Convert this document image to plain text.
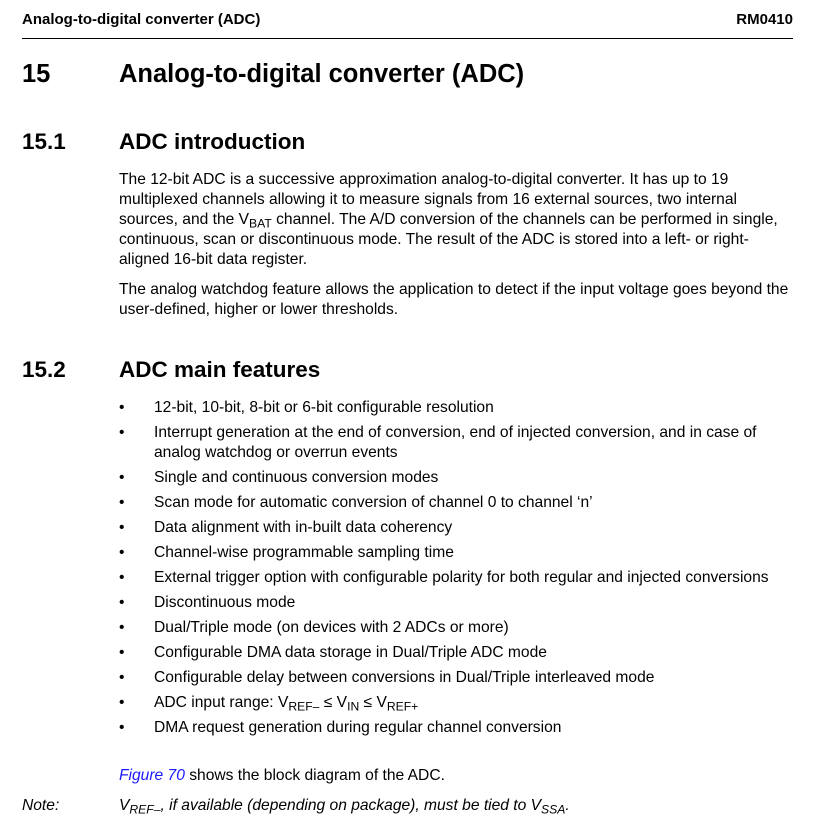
Analog-to-digital converter (ADC)	RM0410
15	Analog-to-digital converter (ADC)
15.1 ADC introduction

The 12-bit ADC is a successive approximation analog-to-digital converter. It has up to 19 multiplexed channels allowing it to measure signals from 16 external sources, two internal sources, and the $V_{BAT}$ channel. The A/D conversion of the channels can be performed in single, continuous, scan or discontinuous mode. The result of the ADC is stored into a left- or right-aligned 16-bit data register.

The analog watchdog feature allows the application to detect if the input voltage goes beyond the user-defined, higher or lower thresholds.

15.2 ADC main features
• 12-bit, 10-bit, 8-bit or 6-bit configurable resolution
• Interrupt generation at the end of conversion, end of injected conversion, and in case of analog watchdog or overrun events
• Single and continuous conversion modes
• Scan mode for automatic conversion of channel 0 to channel ‘n’
• Data alignment with in-built data coherency
• Channel-wise programmable sampling time
• External trigger option with configurable polarity for both regular and injected conversions
• Discontinuous mode
• Dual/Triple mode (on devices with 2 ADCs or more)
• Configurable DMA data storage in Dual/Triple ADC mode
• Configurable delay between conversions in Dual/Triple interleaved mode
• ADC input range: $V_{REF-} \le V_{IN} \le V_{REF+}$
• DMA request generation during regular channel conversion

Figure 70 shows the block diagram of the ADC.

Note:	$V_{REF-}$, if available (depending on package), must be tied to $V_{SSA}$.
